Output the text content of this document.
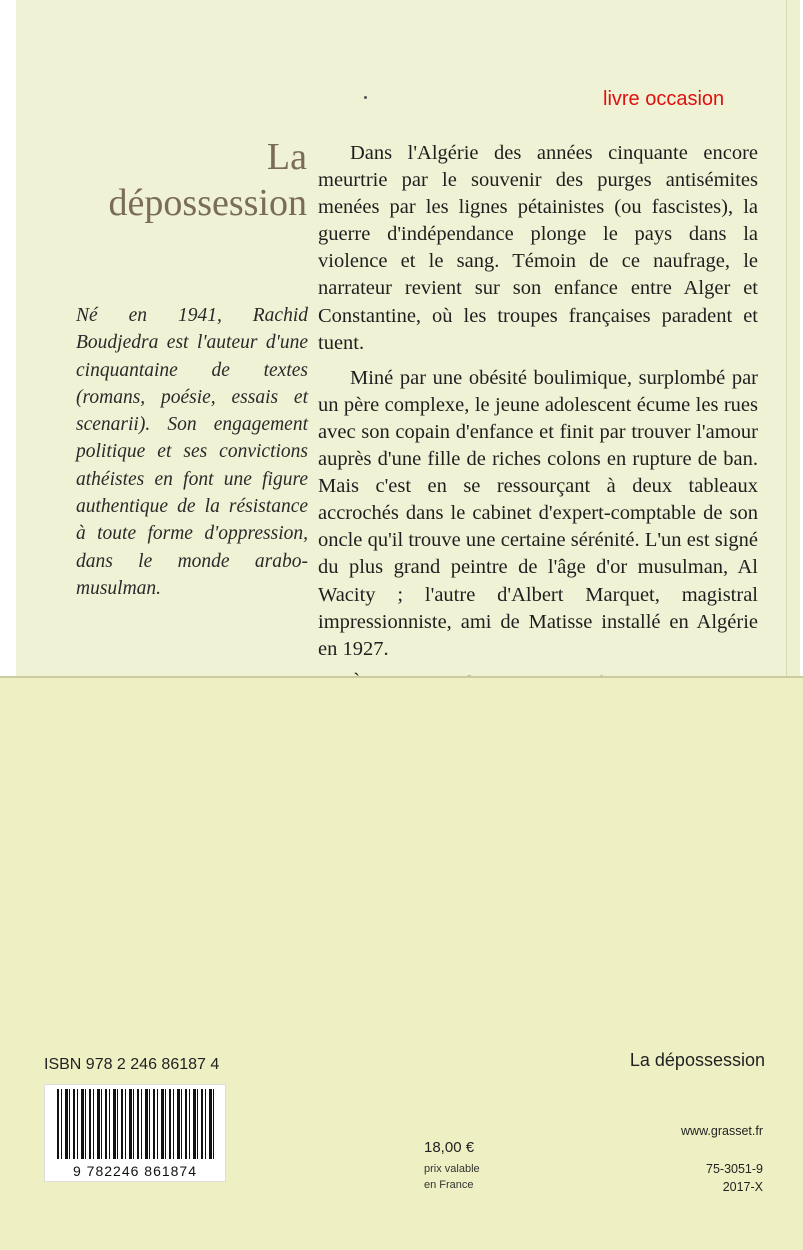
livre occasion
La
dépossession
Né en 1941, Rachid Boudjedra est l'auteur d'une cinquantaine de textes (romans, poésie, essais et scenarii). Son engagement politique et ses convictions athéistes en font une figure authentique de la résistance à toute forme d'oppression, dans le monde arabo-musulman.

Dans l'Algérie des années cinquante encore meurtrie par le souvenir des purges antisémites menées par les lignes pétainistes (ou fascistes), la guerre d'indépendance plonge le pays dans la violence et le sang. Témoin de ce naufrage, le narrateur revient sur son enfance entre Alger et Constantine, où les troupes françaises paradent et tuent.

Miné par une obésité boulimique, surplombé par un père complexe, le jeune adolescent écume les rues avec son copain d'enfance et finit par trouver l'amour auprès d'une fille de riches colons en rupture de ban. Mais c'est en se ressourçant à deux tableaux accrochés dans le cabinet d'expert-comptable de son oncle qu'il trouve une certaine sérénité. L'un est signé du plus grand peintre de l'âge d'or musulman, Al Wacity ; l'autre d'Albert Marquet, magistral impressionniste, ami de Matisse installé en Algérie en 1927.

ISBN 978 2 246 86187 4
9 782246 861874
18,00 €
prix valable
en France
La dépossession
www.grasset.fr
75-3051-9
2017-X
